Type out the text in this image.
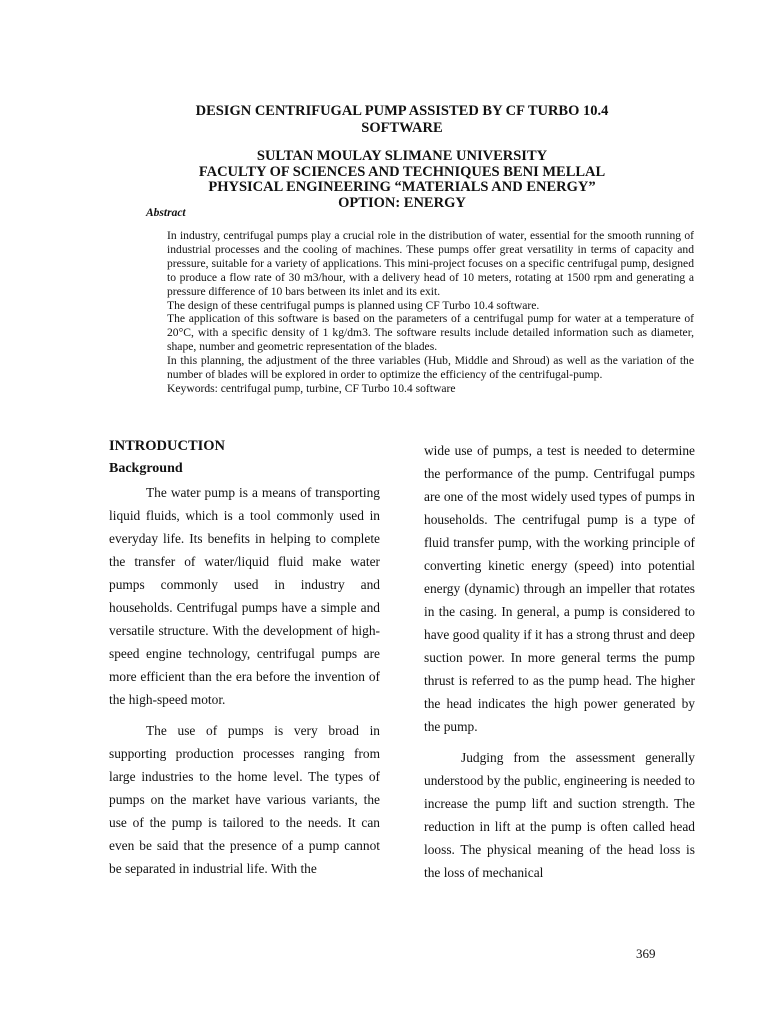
DESIGN CENTRIFUGAL PUMP ASSISTED BY CF TURBO 10.4
SOFTWARE
SULTAN MOULAY SLIMANE UNIVERSITY
FACULTY OF SCIENCES AND TECHNIQUES BENI MELLAL
PHYSICAL ENGINEERING “MATERIALS AND ENERGY”
OPTION: ENERGY
Abstract

In industry, centrifugal pumps play a crucial role in the distribution of water, essential for the smooth running of industrial processes and the cooling of machines. These pumps offer great versatility in terms of capacity and pressure, suitable for a variety of applications. This mini-project focuses on a specific centrifugal pump, designed to produce a flow rate of 30 m3/hour, with a delivery head of 10 meters, rotating at 1500 rpm and generating a pressure difference of 10 bars between its inlet and its exit.

The design of these centrifugal pumps is planned using CF Turbo 10.4 software.

The application of this software is based on the parameters of a centrifugal pump for water at a temperature of 20°C, with a specific density of 1 kg/dm3. The software results include detailed information such as diameter, shape, number and geometric representation of the blades.

In this planning, the adjustment of the three variables (Hub, Middle and Shroud) as well as the variation of the number of blades will be explored in order to optimize the efficiency of the centrifugal-pump.

Keywords: centrifugal pump, turbine, CF Turbo 10.4 software

INTRODUCTION
Background

The water pump is a means of transporting liquid fluids, which is a tool commonly used in everyday life. Its benefits in helping to complete the transfer of water/liquid fluid make water pumps commonly used in industry and households. Centrifugal pumps have a simple and versatile structure. With the development of high-speed engine technology, centrifugal pumps are more efficient than the era before the invention of the high-speed motor.

The use of pumps is very broad in supporting production processes ranging from large industries to the home level. The types of pumps on the market have various variants, the use of the pump is tailored to the needs. It can even be said that the presence of a pump cannot be separated in industrial life. With the

wide use of pumps, a test is needed to determine the performance of the pump. Centrifugal pumps are one of the most widely used types of pumps in households. The centrifugal pump is a type of fluid transfer pump, with the working principle of converting kinetic energy (speed) into potential energy (dynamic) through an impeller that rotates in the casing. In general, a pump is considered to have good quality if it has a strong thrust and deep suction power. In more general terms the pump thrust is referred to as the pump head. The higher the head indicates the high power generated by the pump.

Judging from the assessment generally understood by the public, engineering is needed to increase the pump lift and suction strength. The reduction in lift at the pump is often called head looss. The physical meaning of the head loss is the loss of mechanical

369
